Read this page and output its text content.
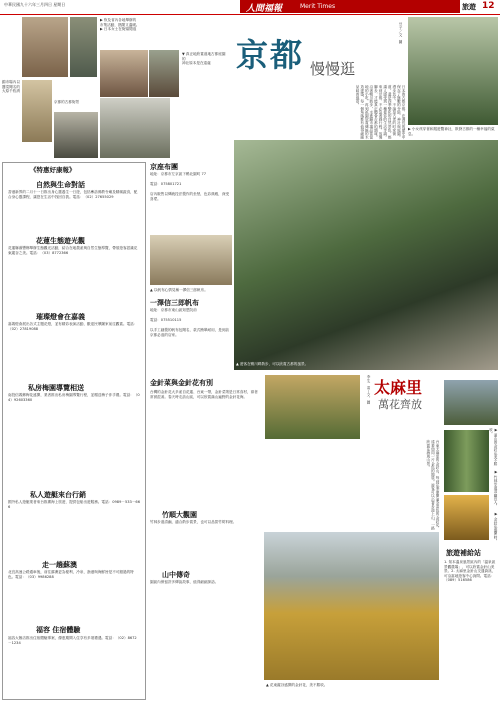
中華民國九十六年三月四日 星期日	人間福報	Merit Times	旅遊 12
▶ 恢及省內各地舉辦的
市集活動，熱鬧又溫暖。
▶ 日本女士在街頭閒逛
▼ 真正地欣賞道地古都庭園的
神社原本是在遠處
錦市場內以醬菜聞名的大原千枚漬
京都的古都街景
京都 慢慢逛
豆子／文．圖
▶ 小女孩穿著和服遊覽神社，散發古都的一種幸福的氣息。
日本的古都京都，在漫長的歷史中保存了無數的寺院、神社與庭園。漫步其中，不論是古老的町家街道，還是四季變化的自然景色，都讓人感受到一種從容的生活步調。來到京都，不必急著趕行程，放慢腳步，才能真正體會古都的韻味。沿著鴨川散步，走進錦市場品嘗當地的小吃，再到祇園欣賞傳統的木造建築，每一個角落都有值得細細品味的風景。
《特惠好康報》
自然與生命對話
香港新界的二月十一日推出身心靈養生一日遊，包括參訪佛教寺廟及精緻蔬食，配合身心靈課程，讓您在生活中找回自我。電話：（02）27655029
花蓮生態遊光觀
花蓮縣壽豐鄉舉辦生態觀光活動，結合在地農產與自然生態導覽，帶領遊客認識花東縱谷之美。電話：（03）8772366
璀璨燈會在嘉義
嘉義燈會展出各式主題花燈，並有精彩表演活動，歡迎民眾闔家前往觀賞。電話：（02）27819088
私房梅園導覽相送
南投信義鄉梅花盛開，業者推出私房梅園導覽行程，並贈送梅子伴手禮。電話：（04）92603360
私人遊艇來台行銷
國外私人遊艇業者來台推廣海上旅遊，提供包船出遊服務。電話：0989－533－666
走一趟蘇澳
北宜高速公路通車後，前往蘇澳更為便利，冷泉、漁港與海鮮皆是不可錯過的特色。電話：（03）9986288
福容 住宿體驗
福容大飯店推出住宿體驗專案，優惠期間入住享有多項禮遇。電話：（02）8672－1234
京座布團
地址：京都市左京區下鴨北園町 77
電話：075801721
店內販售以傳統技法製作的坐墊，色彩典雅，深受喜愛。
▲ 以帆布心情見稱一澤信三郎帆布。
一澤信三郎帆布
地址：京都市東山區知恩院前
電話：075510115
以手工縫製的帆布包聞名，款式簡單耐用，是到訪京都必逛的店家。
▲ 遊客在鴨川畔散步，可以欣賞古都的風景。
金針菜與金針花有別
台灣的金針花大多產自花蓮、台東一帶，金針菜則是日常食材，兩者常被混淆。春天時走訪山區，可以欣賞滿山遍野的金針花海。
竹順大觀園
竹林步道清幽，適合散步賞景，也可以品嘗竹筍料理。
山中傳奇
園區內保留許多傳說故事，值得細細探訪。
太麻里
萬花齊放
李生．黃丨文．圖
台東太麻里的金針山，每到花季便開滿金黃色的金針花，遠看如同一片金色的地毯。遊客可以沿著步道上山，一路欣賞花海與山景。	▶ 滿山的金針花美不勝收。
▶ 竹林步道清幽宜人。
▶ 金針花盛開時。
▲ 花東縱谷盛開的金針花，美不勝收。
旅遊補給站
1. 知本溫泉風景區內的「溫泉區景觀農場」，可以欣賞金針山美景。2. 太麻里金針山交通資訊，可洽當地遊客中心詢問。電話：（089）516586
